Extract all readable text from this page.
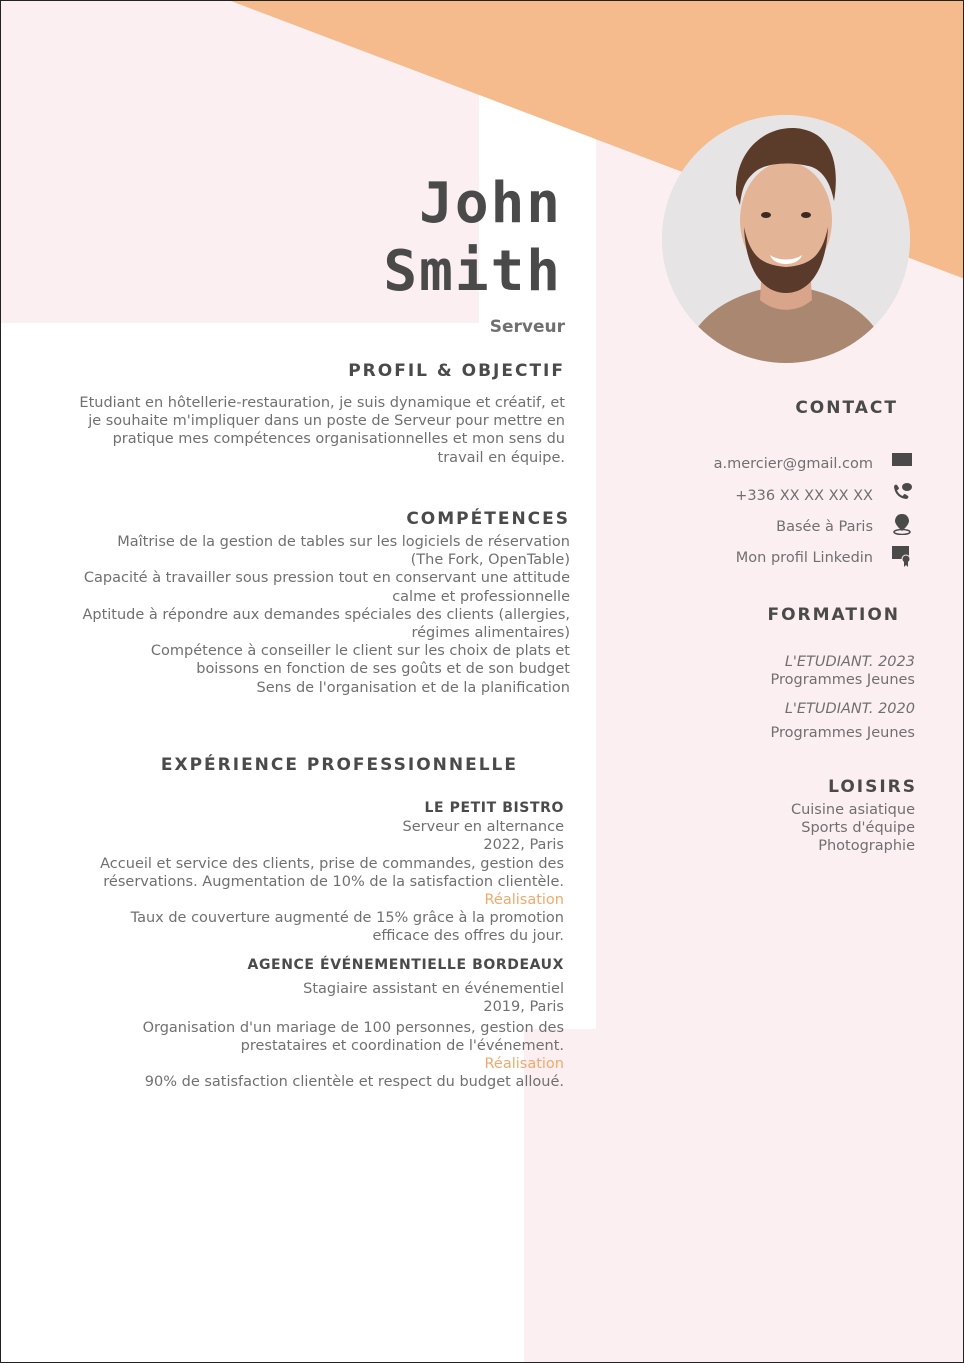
John
Smith
Serveur
PROFIL & OBJECTIF
Etudiant en hôtellerie-restauration, je suis dynamique et créatif, et
je souhaite m'impliquer dans un poste de Serveur pour mettre en
pratique mes compétences organisationnelles et mon sens du
travail en équipe.
COMPÉTENCES
Maîtrise de la gestion de tables sur les logiciels de réservation
(The Fork, OpenTable)
Capacité à travailler sous pression tout en conservant une attitude
calme et professionnelle
Aptitude à répondre aux demandes spéciales des clients (allergies,
régimes alimentaires)
Compétence à conseiller le client sur les choix de plats et
boissons en fonction de ses goûts et de son budget
Sens de l'organisation et de la planification
EXPÉRIENCE PROFESSIONNELLE
LE PETIT BISTRO
Serveur en alternance
2022, Paris
Accueil et service des clients, prise de commandes, gestion des
réservations. Augmentation de 10% de la satisfaction clientèle.
Réalisation
Taux de couverture augmenté de 15% grâce à la promotion
efficace des offres du jour.
AGENCE ÉVÉNEMENTIELLE BORDEAUX
Stagiaire assistant en événementiel
2019, Paris
Organisation d'un mariage de 100 personnes, gestion des
prestataires et coordination de l'événement.
Réalisation
90% de satisfaction clientèle et respect du budget alloué.
CONTACT
a.mercier@gmail.com
+336 XX XX XX XX
Basée à Paris
Mon profil Linkedin
FORMATION
L'ETUDIANT. 2023
Programmes Jeunes
L'ETUDIANT. 2020
Programmes Jeunes
LOISIRS
Cuisine asiatique
Sports d'équipe
Photographie
